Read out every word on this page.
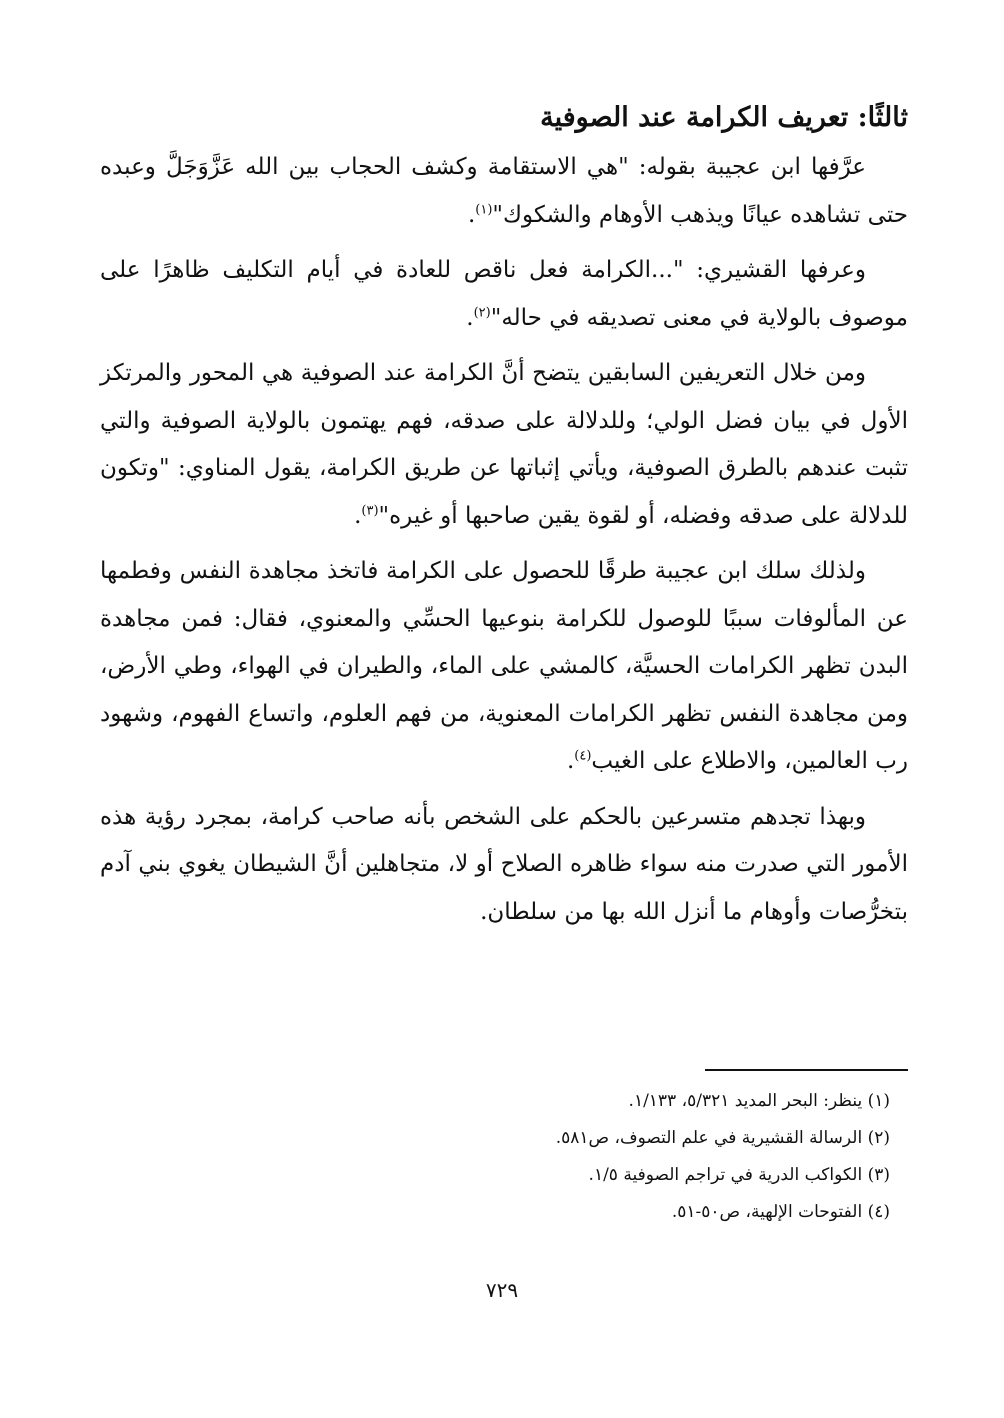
ثالثًا: تعريف الكرامة عند الصوفية

عرَّفها ابن عجيبة بقوله: "هي الاستقامة وكشف الحجاب بين الله عَزَّوَجَلَّ وعبده حتى تشاهده عيانًا ويذهب الأوهام والشكوك"$^{(١)}$.

وعرفها القشيري: "...الكرامة فعل ناقص للعادة في أيام التكليف ظاهرًا على موصوف بالولاية في معنى تصديقه في حاله"$^{(٢)}$.

ومن خلال التعريفين السابقين يتضح أنَّ الكرامة عند الصوفية هي المحور والمرتكز الأول في بيان فضل الولي؛ وللدلالة على صدقه، فهم يهتمون بالولاية الصوفية والتي تثبت عندهم بالطرق الصوفية، ويأتي إثباتها عن طريق الكرامة، يقول المناوي: "وتكون للدلالة على صدقه وفضله، أو لقوة يقين صاحبها أو غيره"$^{(٣)}$.

ولذلك سلك ابن عجيبة طرقًا للحصول على الكرامة فاتخذ مجاهدة النفس وفطمها عن المألوفات سببًا للوصول للكرامة بنوعيها الحسِّي والمعنوي، فقال: فمن مجاهدة البدن تظهر الكرامات الحسيَّة، كالمشي على الماء، والطيران في الهواء، وطي الأرض، ومن مجاهدة النفس تظهر الكرامات المعنوية، من فهم العلوم، واتساع الفهوم، وشهود رب العالمين، والاطلاع على الغيب$^{(٤)}$.

وبهذا تجدهم متسرعين بالحكم على الشخص بأنه صاحب كرامة، بمجرد رؤية هذه الأمور التي صدرت منه سواء ظاهره الصلاح أو لا، متجاهلين أنَّ الشيطان يغوي بني آدم بتخرُّصات وأوهام ما أنزل الله بها من سلطان.

(١) ينظر: البحر المديد ٥/٣٢١، ١/١٣٣.

(٢) الرسالة القشيرية في علم التصوف، ص٥٨١.

(٣) الكواكب الدرية في تراجم الصوفية ١/٥.

(٤) الفتوحات الإلهية، ص٥٠-٥١.

٧٢٩
